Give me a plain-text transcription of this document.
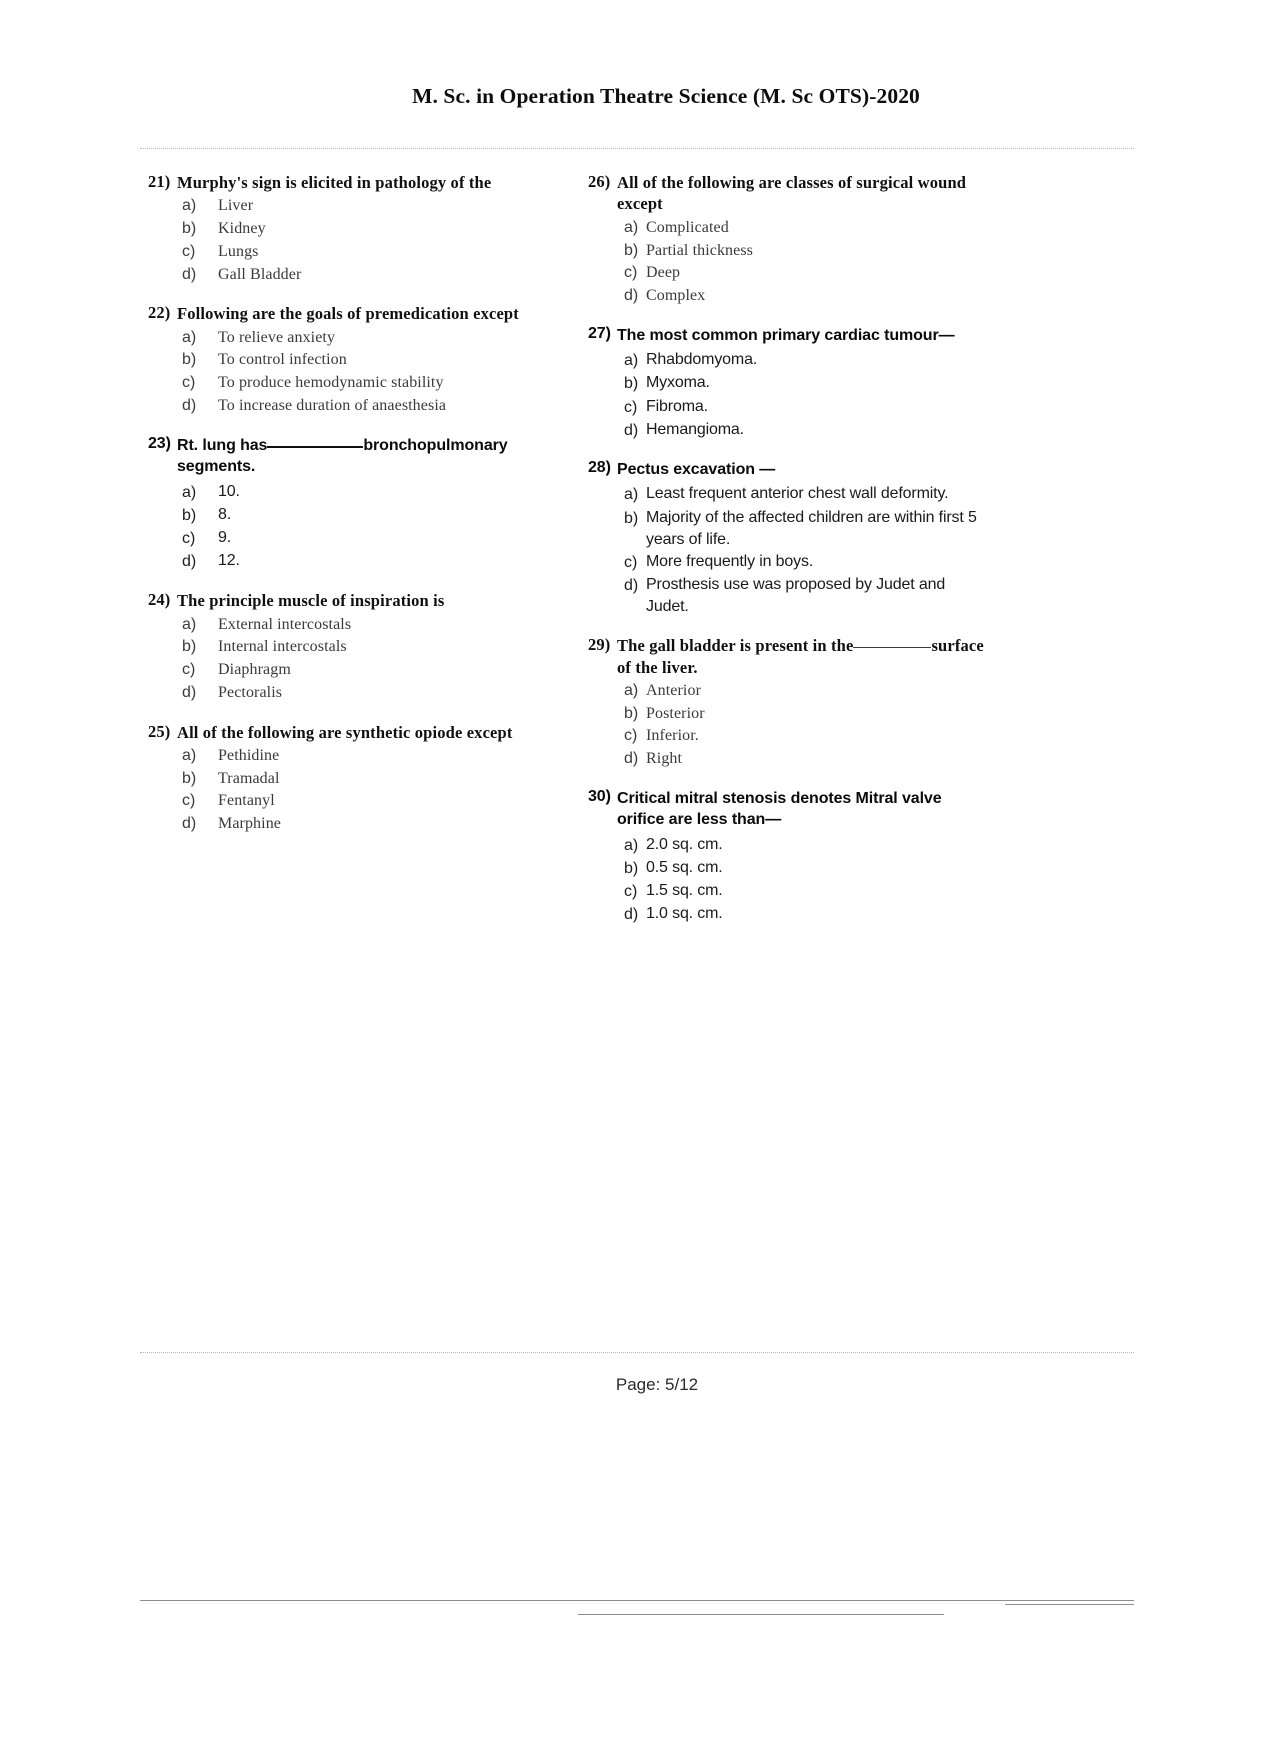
M. Sc. in Operation Theatre Science (M. Sc OTS)-2020
21) Murphy's sign is elicited in pathology of the
a)	Liver
b)	Kidney
c)	Lungs
d)	Gall Bladder
22) Following are the goals of premedication except
a)	To relieve anxiety
b)	To control infection
c)	To produce hemodynamic stability
d)	To increase duration of anaesthesia
23) Rt. lung has	bronchopulmonary segments.
a)	10.
b)	8.
c)	9.
d)	12.
24) The principle muscle of inspiration is
a)	External intercostals
b)	Internal intercostals
c)	Diaphragm
d)	Pectoralis
25) All of the following are synthetic opiode except
a)	Pethidine
b)	Tramadal
c)	Fentanyl
d)	Marphine
26) All of the following are classes of surgical wound except
a) Complicated
b) Partial thickness
c) Deep
d) Complex
27) The most common primary cardiac tumour—
a) Rhabdomyoma.
b) Myxoma.
c) Fibroma.
d) Hemangioma.
28) Pectus excavation —
a) Least frequent anterior chest wall deformity.
b) Majority of the affected children are within first 5 years of life.
c) More frequently in boys.
d) Prosthesis use was proposed by Judet and Judet.
29) The gall bladder is present in the	surface of the liver.
a) Anterior
b) Posterior
c) Inferior.
d) Right
30) Critical mitral stenosis denotes Mitral valve orifice are less than—
a) 2.0 sq. cm.
b) 0.5 sq. cm.
c) 1.5 sq. cm.
d) 1.0 sq. cm.
Page: 5/12
